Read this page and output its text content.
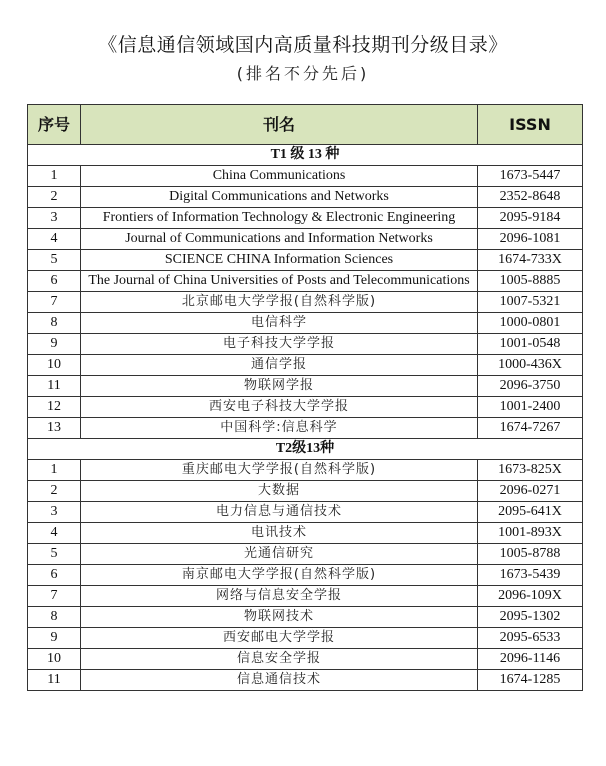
《信息通信领域国内高质量科技期刊分级目录》
(排名不分先后)
序号	刊名	ISSN
T1 级 13 种		
1	China Communications	1673-5447
2	Digital Communications and Networks	2352-8648
3	Frontiers of Information Technology & Electronic Engineering	2095-9184
4	Journal of Communications and Information Networks	2096-1081
5	SCIENCE CHINA Information Sciences	1674-733X
6	The Journal of China Universities of Posts and Telecommunications	1005-8885
7	北京邮电大学学报(自然科学版)	1007-5321
8	电信科学	1000-0801
9	电子科技大学学报	1001-0548
10	通信学报	1000-436X
11	物联网学报	2096-3750
12	西安电子科技大学学报	1001-2400
13	中国科学:信息科学	1674-7267
T2级13种		
1	重庆邮电大学学报(自然科学版)	1673-825X
2	大数据	2096-0271
3	电力信息与通信技术	2095-641X
4	电讯技术	1001-893X
5	光通信研究	1005-8788
6	南京邮电大学学报(自然科学版)	1673-5439
7	网络与信息安全学报	2096-109X
8	物联网技术	2095-1302
9	西安邮电大学学报	2095-6533
10	信息安全学报	2096-1146
11	信息通信技术	1674-1285
